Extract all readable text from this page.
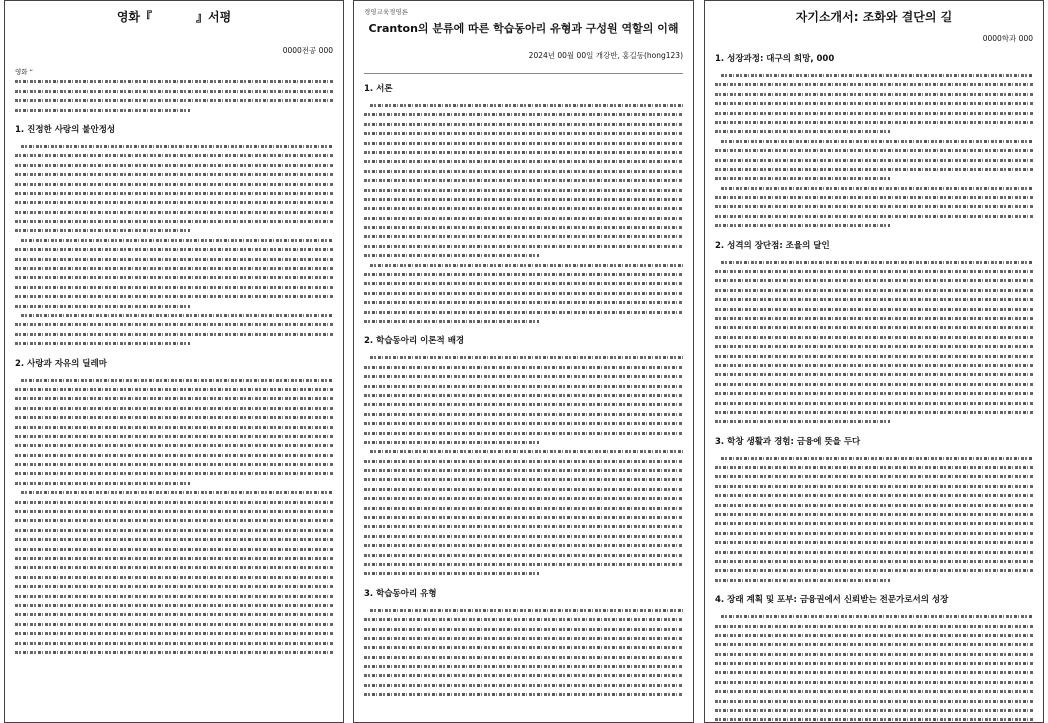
영화『	』서평
0000전공 000
영화 “
1. 진정한 사랑의 불안정성
2. 사랑과 자유의 딜레마
경영교육경영론
Cranton의 분류에 따른 학습동아리 유형과 구성원 역할의 이해
2024년 00월 00일 개강반, 홍길동(hong123)
1. 서론
2. 학습동아리 이론적 배경
3. 학습동아리 유형
자기소개서: 조화와 결단의 길
0000학과 000
1. 성장과정: 대구의 희망, 000
2. 성격의 장단점: 조율의 달인
3. 학창 생활과 경험: 금융에 뜻을 두다
4. 장래 계획 및 포부: 금융권에서 신뢰받는 전문가로서의 성장
